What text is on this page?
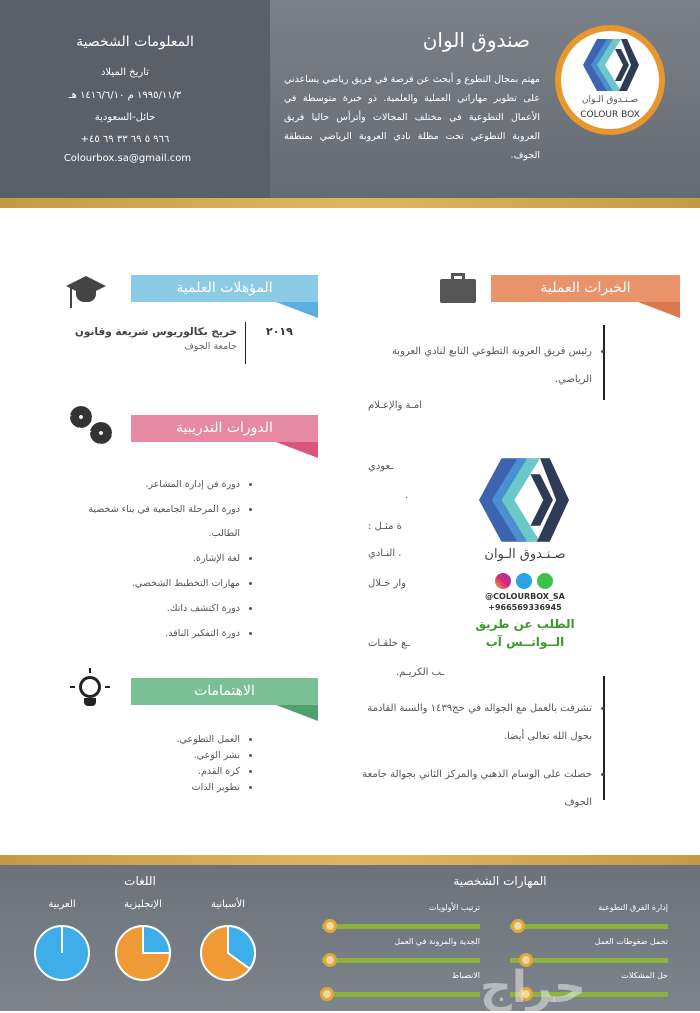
المعلومات الشخصية
تاريخ الميلاد
١٩٩٥/١١/٣ م ١٤١٦/٦/١٠ هـ
حائل-السعودية
+٩٦٦ ٥ ٦٩ ٣٣ ٦٩ ٤٥
Colourbox.sa@gmail.com
صندوق الوان
مهتم بمجال التطوع و أبحث عن فرصة في فريق رياضي يساعدني على تطوير مهاراتي العملية والعلمية. ذو خبرة متوسطة في الأعمال التطوعية في مختلف المجالات وأترأس حاليا فريق العروبة التطوعي تحت مظلة نادي العروبة الرياضي بمنطقة الجوف.
صـنـدوق الـوان
COLOUR BOX
الخبرات العملية
• رئيس فريق العروبة التطوعي التابع لنادي العروبة الرياضي.
امـة والإعـلام
ـعودي
.
ة مثـل :
. النـادي
وار خـلال
ـع حلقـات
ـب الكريـم.
• تشرفت بالعمل مع الجواله في حج١٤٣٩ والسنة القادمة بحول الله تعالى أيضا.
• حصلت على الوسام الذهبي والمركز الثاني بجوالة جامعة الجوف
صـنـدوق الـوان

@COLOURBOX_SA
+966569336945
الطلب عن طريق
الــواتــس آب
المؤهلات العلمية
٢٠١٩
خريج بكالوريوس شريعة وقانون
جامعة الجوف
الدورات التدريبية
• دورة فن إدارة المشاعر.
• دورة المرحلة الجامعية في بناء شخصية الطالب.
• لغة الإشارة.
• مهارات التخطيط الشخصي.
• دورة اكتشف ذاتك.
• دورة التفكير الناقد.
الاهتمامات
• العمل التطوعي.
• نشر الوعي.
• كرة القدم.
• تطوير الذات
المهارات الشخصية
إدارة الفرق التطوعية
ترتيب الأولويات
تحمل ضغوطات العمل
الجدية والمرونة في العمل
حل المشكلات
الانضباط
اللغات
الأسبانية
الإنجليزية
العربية
حراج
